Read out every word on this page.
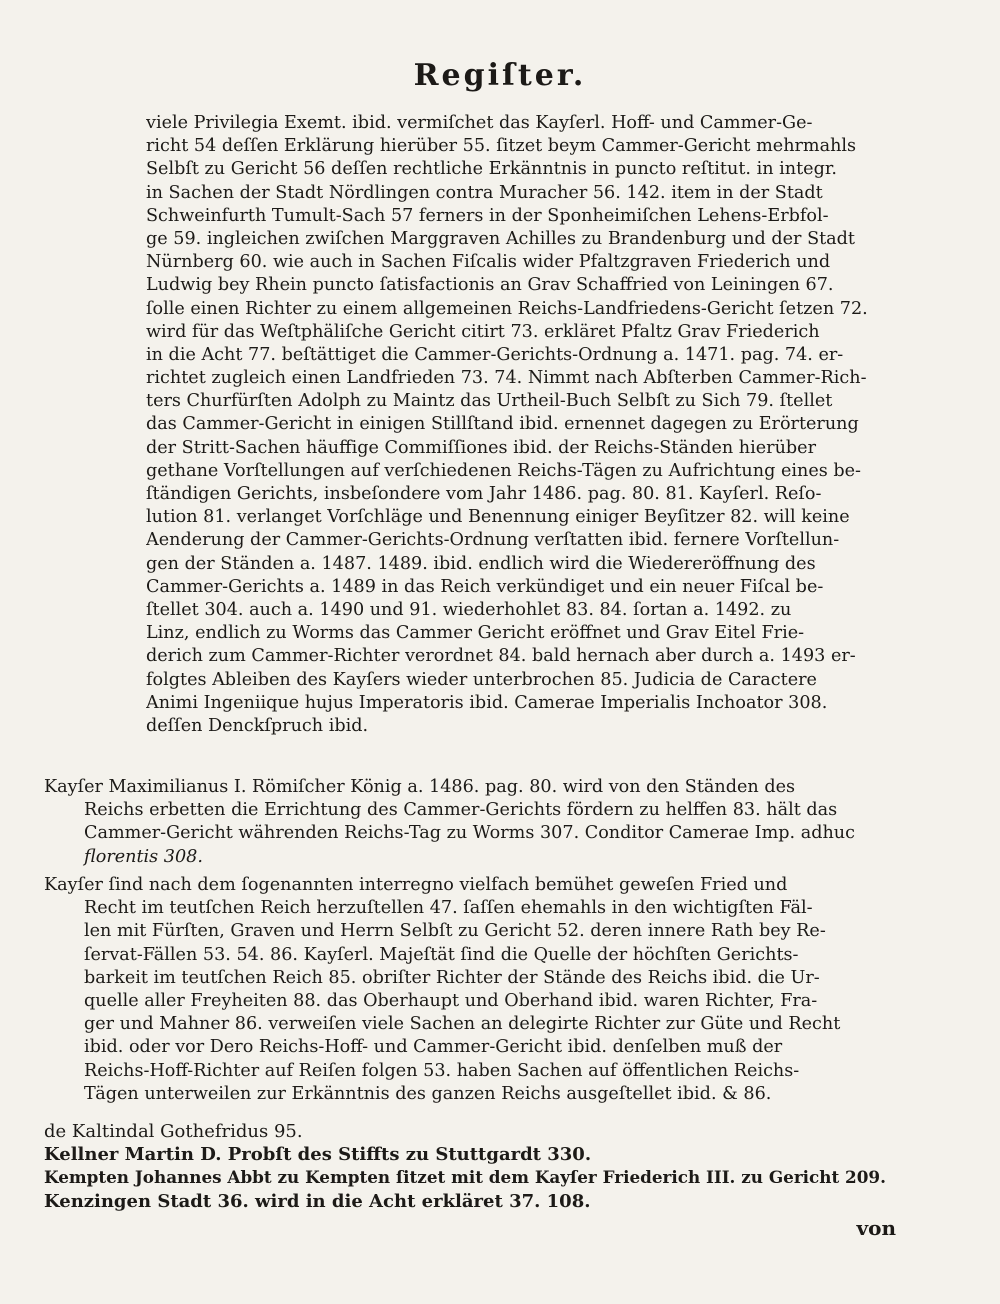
Regiſter.
viele Privilegia Exemt. ibid. vermiſchet das Kayſerl. Hoff- und Cammer-Ge-
richt 54 deſſen Erklärung hierüber 55. ſitzet beym Cammer-Gericht mehrmahls
Selbſt zu Gericht 56 deſſen rechtliche Erkänntnis in puncto reſtitut. in integr.
in Sachen der Stadt Nördlingen contra Muracher 56. 142. item in der Stadt
Schweinfurth Tumult-Sach 57 ferners in der Sponheimiſchen Lehens-Erbfol-
ge 59. ingleichen zwiſchen Marggraven Achilles zu Brandenburg und der Stadt
Nürnberg 60. wie auch in Sachen Fiſcalis wider Pfaltzgraven Friederich und
Ludwig bey Rhein puncto ſatisfactionis an Grav Schaffried von Leiningen 67.
ſolle einen Richter zu einem allgemeinen Reichs-Landfriedens-Gericht ſetzen 72.
wird für das Weſtphäliſche Gericht citirt 73. erkläret Pfaltz Grav Friederich
in die Acht 77. beſtättiget die Cammer-Gerichts-Ordnung a. 1471. pag. 74. er-
richtet zugleich einen Landfrieden 73. 74. Nimmt nach Abſterben Cammer-Rich-
ters Churfürſten Adolph zu Maintz das Urtheil-Buch Selbſt zu Sich 79. ſtellet
das Cammer-Gericht in einigen Stillſtand ibid. ernennet dagegen zu Erörterung
der Stritt-Sachen häuffige Commiſſiones ibid. der Reichs-Ständen hierüber
gethane Vorſtellungen auf verſchiedenen Reichs-Tägen zu Aufrichtung eines be-
ſtändigen Gerichts, insbeſondere vom Jahr 1486. pag. 80. 81. Kayſerl. Reſo-
lution 81. verlanget Vorſchläge und Benennung einiger Beyſitzer 82. will keine
Aenderung der Cammer-Gerichts-Ordnung verſtatten ibid. fernere Vorſtellun-
gen der Ständen a. 1487. 1489. ibid. endlich wird die Wiedereröffnung des
Cammer-Gerichts a. 1489 in das Reich verkündiget und ein neuer Fiſcal be-
ſtellet 304. auch a. 1490 und 91. wiederhohlet 83. 84. ſortan a. 1492. zu
Linz, endlich zu Worms das Cammer Gericht eröffnet und Grav Eitel Frie-
derich zum Cammer-Richter verordnet 84. bald hernach aber durch a. 1493 er-
folgtes Ableiben des Kayſers wieder unterbrochen 85. Judicia de Caractere
Animi Ingeniique hujus Imperatoris ibid. Camerae Imperialis Inchoator 308.
deſſen Denckſpruch ibid.
Kayſer Maximilianus I. Römiſcher König a. 1486. pag. 80. wird von den Ständen des
Reichs erbetten die Errichtung des Cammer-Gerichts fördern zu helffen 83. hält das
Cammer-Gericht währenden Reichs-Tag zu Worms 307. Conditor Camerae Imp. adhuc
florentis 308.
Kayſer ſind nach dem ſogenannten interregno vielfach bemühet geweſen Fried und
Recht im teutſchen Reich herzuſtellen 47. ſaſſen ehemahls in den wichtigſten Fäl-
len mit Fürſten, Graven und Herrn Selbſt zu Gericht 52. deren innere Rath bey Re-
ſervat-Fällen 53. 54. 86. Kayſerl. Majeſtät ſind die Quelle der höchſten Gerichts-
barkeit im teutſchen Reich 85. obriſter Richter der Stände des Reichs ibid. die Ur-
quelle aller Freyheiten 88. das Oberhaupt und Oberhand ibid. waren Richter, Fra-
ger und Mahner 86. verweiſen viele Sachen an delegirte Richter zur Güte und Recht
ibid. oder vor Dero Reichs-Hoff- und Cammer-Gericht ibid. denſelben muß der
Reichs-Hoff-Richter auf Reiſen folgen 53. haben Sachen auf öffentlichen Reichs-
Tägen unterweilen zur Erkänntnis des ganzen Reichs ausgeſtellet ibid. & 86.
de Kaltindal Gothefridus 95.
Kellner Martin D. Probſt des Stiffts zu Stuttgardt 330.
Kempten Johannes Abbt zu Kempten ſitzet mit dem Kayſer Friederich III. zu Gericht 209.
Kenzingen Stadt 36. wird in die Acht erkläret 37. 108.
von
